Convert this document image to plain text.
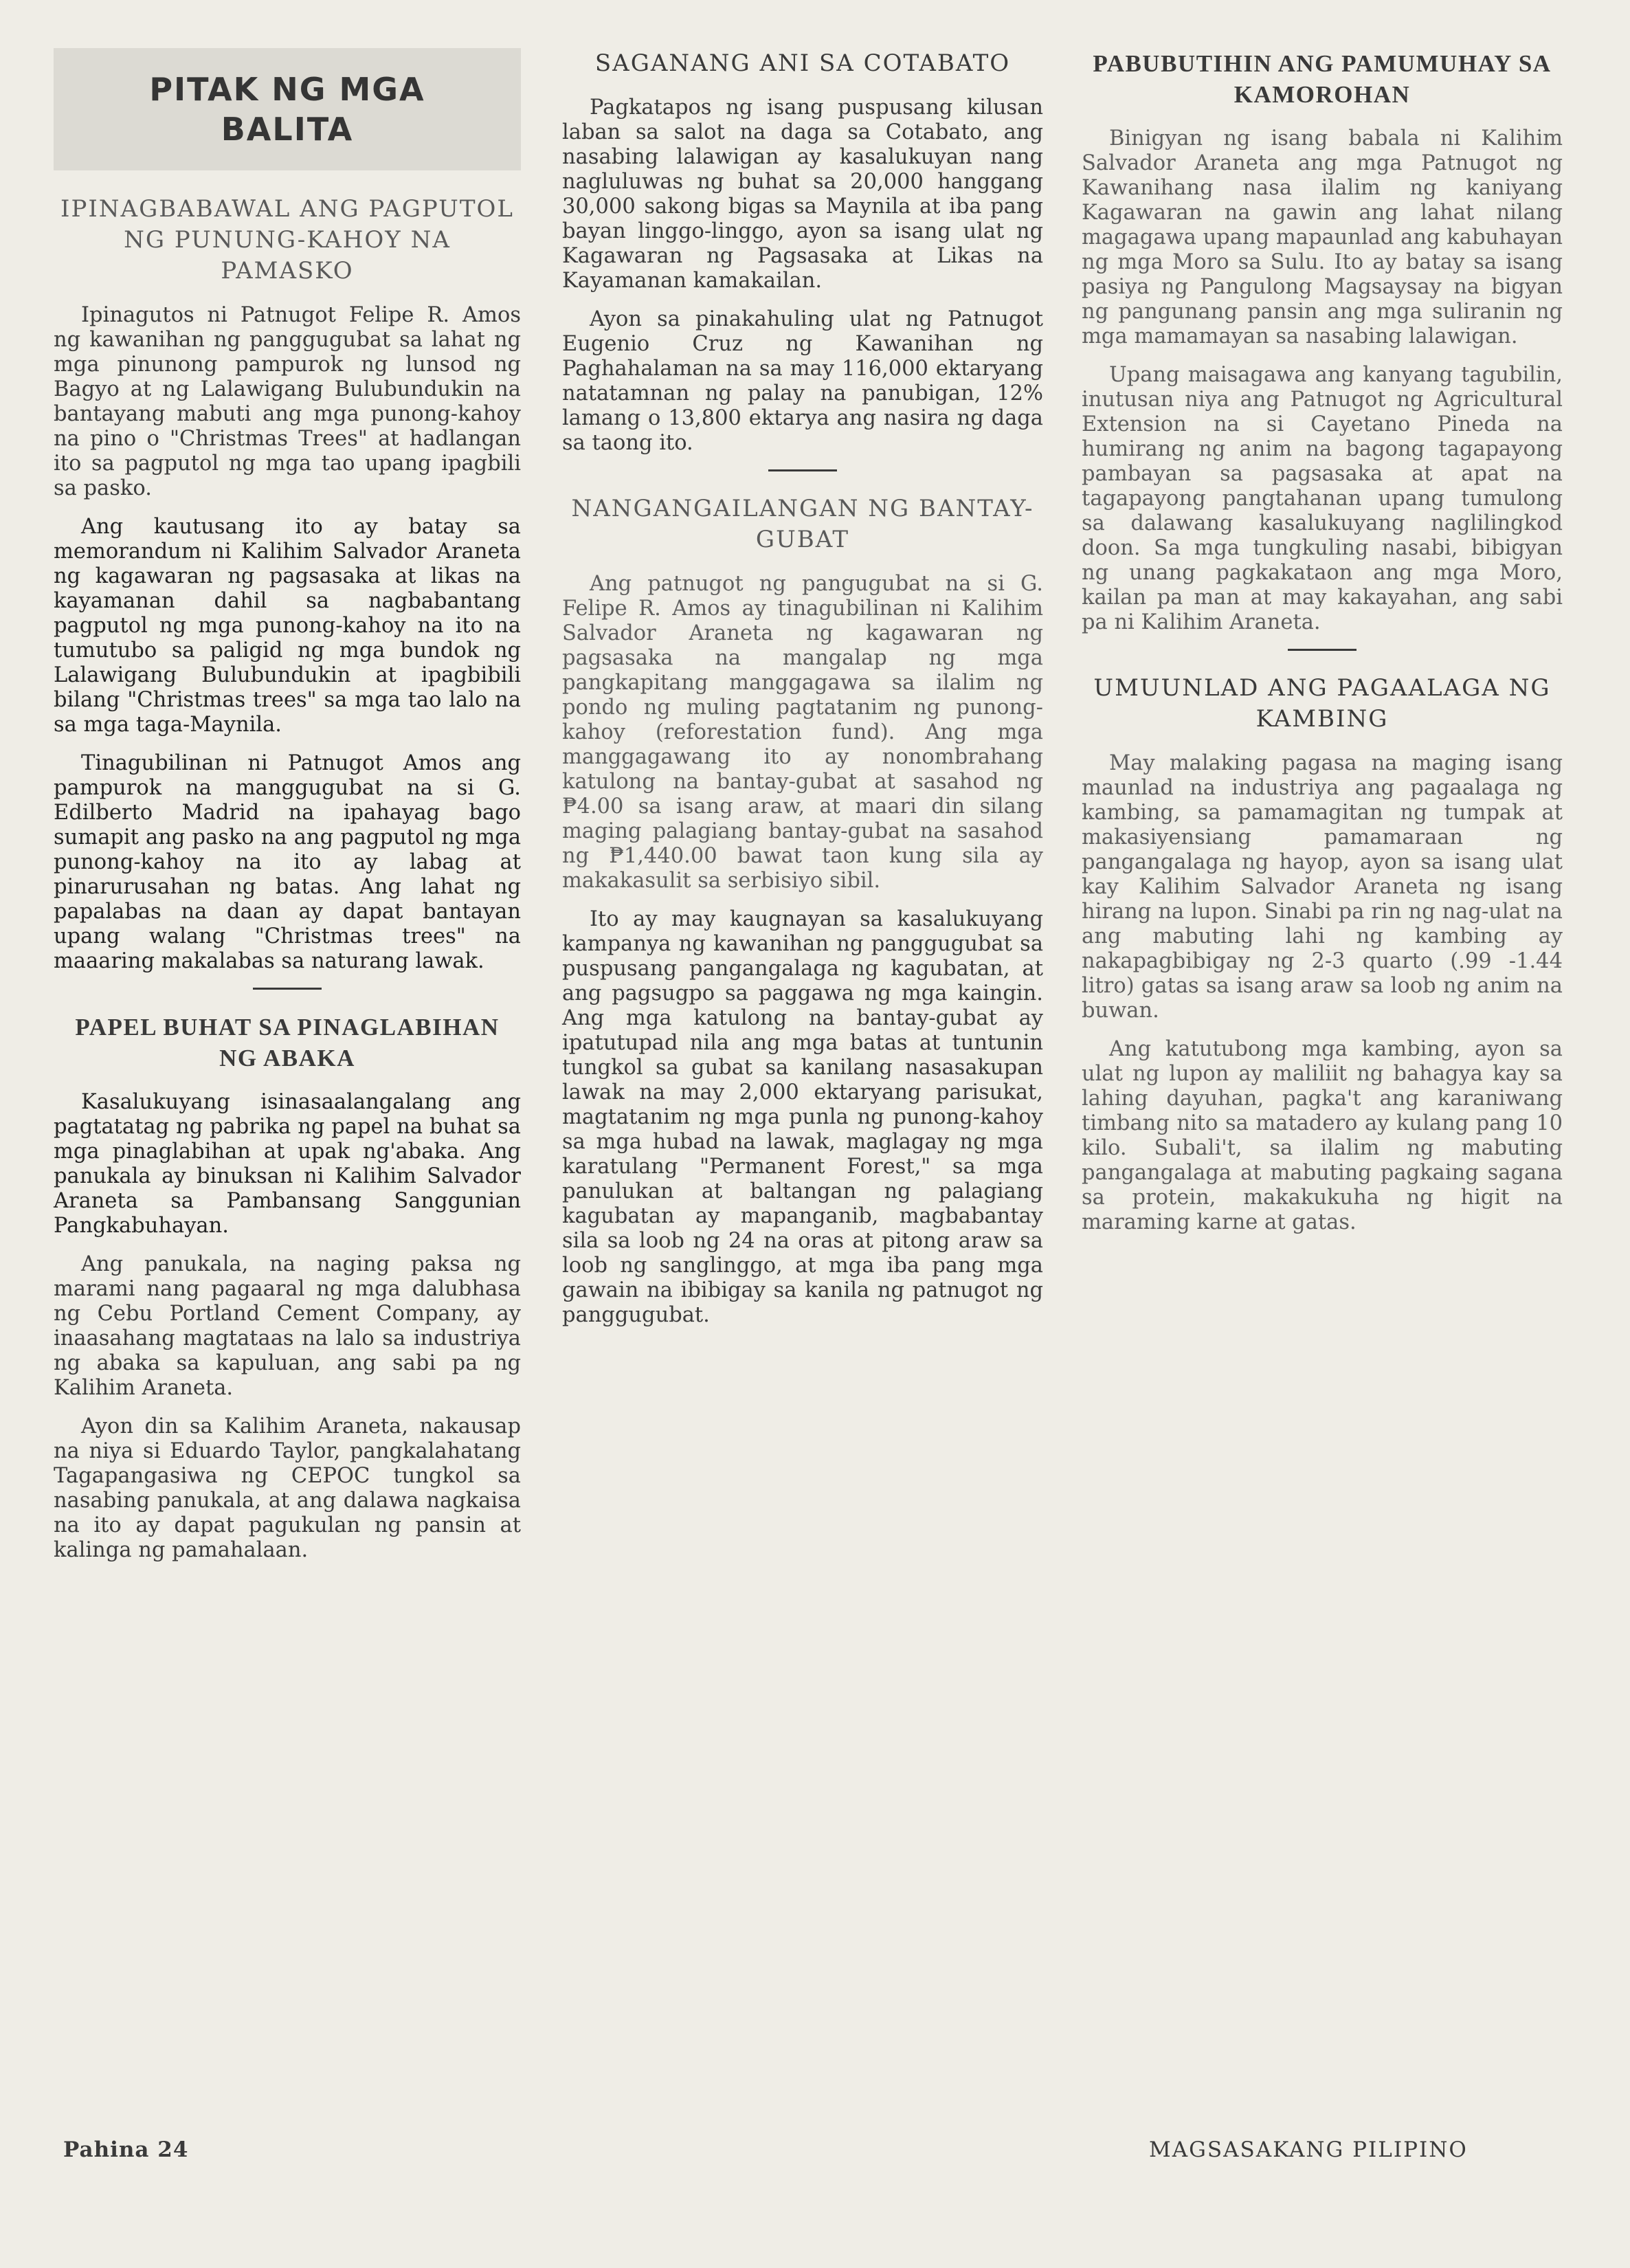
PITAK NG MGA
BALITA
IPINAGBABAWAL ANG PAGPUTOL NG PUNUNG-KAHOY NA PAMASKO

Ipinagutos ni Patnugot Felipe R. Amos ng kawanihan ng panggugubat sa lahat ng mga pinunong pampurok ng lunsod ng Bagyo at ng Lalawigang Bulubundukin na bantayang mabuti ang mga punong-kahoy na pino o "Christmas Trees" at hadlangan ito sa pagputol ng mga tao upang ipagbili sa pasko.

Ang kautusang ito ay batay sa memorandum ni Kalihim Salvador Araneta ng kagawaran ng pagsasaka at likas na kayamanan dahil sa nagbabantang pagputol ng mga punong-kahoy na ito na tumutubo sa paligid ng mga bundok ng Lalawigang Bulubundukin at ipagbibili bilang "Christmas trees" sa mga tao lalo na sa mga taga-Maynila.

Tinagubilinan ni Patnugot Amos ang pampurok na manggugubat na si G. Edilberto Madrid na ipahayag bago sumapit ang pasko na ang pagputol ng mga punong-kahoy na ito ay labag at pinarurusahan ng batas. Ang lahat ng papalabas na daan ay dapat bantayan upang walang "Christmas trees" na maaaring makalabas sa naturang lawak.

PAPEL BUHAT SA PINAGLABIHAN NG ABAKA

Kasalukuyang isinasaalangalang ang pagtatatag ng pabrika ng papel na buhat sa mga pinaglabihan at upak ng'abaka. Ang panukala ay binuksan ni Kalihim Salvador Araneta sa Pambansang Sanggunian Pangkabuhayan.

Ang panukala, na naging paksa ng marami nang pagaaral ng mga dalubhasa ng Cebu Portland Cement Company, ay inaasahang magtataas na lalo sa industriya ng abaka sa kapuluan, ang sabi pa ng Kalihim Araneta.

Ayon din sa Kalihim Araneta, nakausap na niya si Eduardo Taylor, pangkalahatang Tagapangasiwa ng CEPOC tungkol sa nasabing panukala, at ang dalawa nagkaisa na ito ay dapat pagukulan ng pansin at kalinga ng pamahalaan.

SAGANANG ANI SA COTABATO

Pagkatapos ng isang puspusang kilusan laban sa salot na daga sa Cotabato, ang nasabing lalawigan ay kasalukuyan nang nagluluwas ng buhat sa 20,000 hanggang 30,000 sakong bigas sa Maynila at iba pang bayan linggo-linggo, ayon sa isang ulat ng Kagawaran ng Pagsasaka at Likas na Kayamanan kamakailan.

Ayon sa pinakahuling ulat ng Patnugot Eugenio Cruz ng Kawanihan ng Paghahalaman na sa may 116,000 ektaryang natatamnan ng palay na panubigan, 12% lamang o 13,800 ektarya ang nasira ng daga sa taong ito.

NANGANGAILANGAN NG BANTAY-GUBAT

Ang patnugot ng pangugubat na si G. Felipe R. Amos ay tinagubilinan ni Kalihim Salvador Araneta ng kagawaran ng pagsasaka na mangalap ng mga pangkapitang manggagawa sa ilalim ng pondo ng muling pagtatanim ng punong-kahoy (reforestation fund). Ang mga manggagawang ito ay nonombrahang katulong na bantay-gubat at sasahod ng ₱4.00 sa isang araw, at maari din silang maging palagiang bantay-gubat na sasahod ng ₱1,440.00 bawat taon kung sila ay makakasulit sa serbisiyo sibil.

Ito ay may kaugnayan sa kasalukuyang kampanya ng kawanihan ng panggugubat sa puspusang pangangalaga ng kagubatan, at ang pagsugpo sa paggawa ng mga kaingin. Ang mga katulong na bantay-gubat ay ipatutupad nila ang mga batas at tuntunin tungkol sa gubat sa kanilang nasasakupan lawak na may 2,000 ektaryang parisukat, magtatanim ng mga punla ng punong-kahoy sa mga hubad na lawak, maglagay ng mga karatulang "Permanent Forest," sa mga panulukan at baltangan ng palagiang kagubatan ay mapanganib, magbabantay sila sa loob ng 24 na oras at pitong araw sa loob ng sanglinggo, at mga iba pang mga gawain na ibibigay sa kanila ng patnugot ng panggugubat.

PABUBUTIHIN ANG PAMUMUHAY SA KAMOROHAN

Binigyan ng isang babala ni Kalihim Salvador Araneta ang mga Patnugot ng Kawanihang nasa ilalim ng kaniyang Kagawaran na gawin ang lahat nilang magagawa upang mapaunlad ang kabuhayan ng mga Moro sa Sulu. Ito ay batay sa isang pasiya ng Pangulong Magsaysay na bigyan ng pangunang pansin ang mga suliranin ng mga mamamayan sa nasabing lalawigan.

Upang maisagawa ang kanyang tagubilin, inutusan niya ang Patnugot ng Agricultural Extension na si Cayetano Pineda na humirang ng anim na bagong tagapayong pambayan sa pagsasaka at apat na tagapayong pangtahanan upang tumulong sa dalawang kasalukuyang naglilingkod doon. Sa mga tungkuling nasabi, bibigyan ng unang pagkakataon ang mga Moro, kailan pa man at may kakayahan, ang sabi pa ni Kalihim Araneta.

UMUUNLAD ANG PAGAALAGA NG KAMBING

May malaking pagasa na maging isang maunlad na industriya ang pagaalaga ng kambing, sa pamamagitan ng tumpak at makasiyensiang pamamaraan ng pangangalaga ng hayop, ayon sa isang ulat kay Kalihim Salvador Araneta ng isang hirang na lupon. Sinabi pa rin ng nag-ulat na ang mabuting lahi ng kambing ay nakapagbibigay ng 2-3 quarto (.99 -1.44 litro) gatas sa isang araw sa loob ng anim na buwan.

Ang katutubong mga kambing, ayon sa ulat ng lupon ay maliliit ng bahagya kay sa lahing dayuhan, pagka't ang karaniwang timbang nito sa matadero ay kulang pang 10 kilo. Subali't, sa ilalim ng mabuting pangangalaga at mabuting pagkaing sagana sa protein, makakukuha ng higit na maraming karne at gatas.

Pahina 24	MAGSASAKANG PILIPINO
